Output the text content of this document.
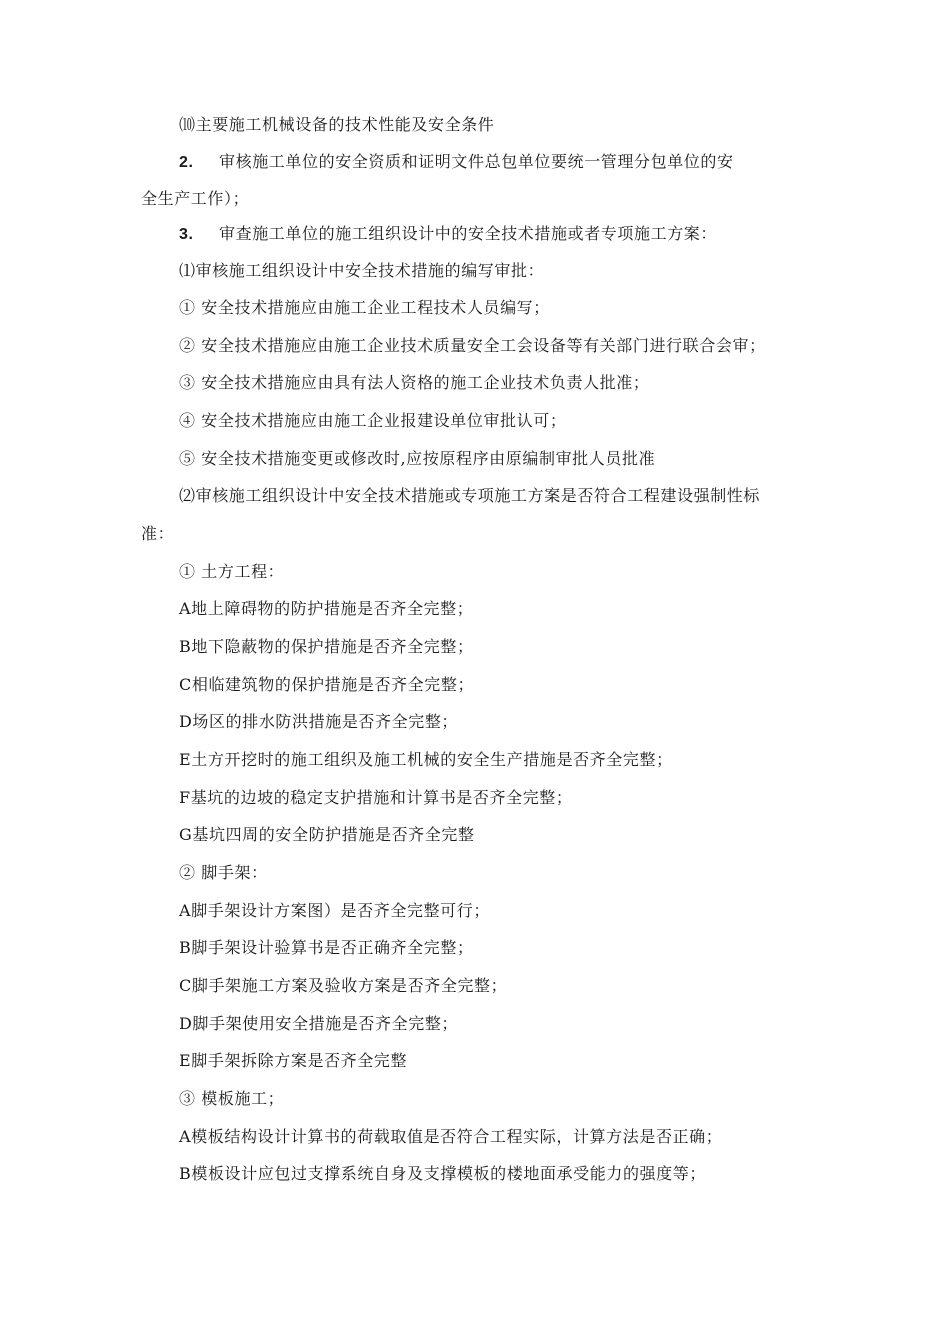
⑽主要施工机械设备的技术性能及安全条件
2. 审核施工单位的安全资质和证明文件总包单位要统一管理分包单位的安
全生产工作）；
3. 审查施工单位的施工组织设计中的安全技术措施或者专项施工方案：
⑴审核施工组织设计中安全技术措施的编写审批：
① 安全技术措施应由施工企业工程技术人员编写；
② 安全技术措施应由施工企业技术质量安全工会设备等有关部门进行联合会审；
③ 安全技术措施应由具有法人资格的施工企业技术负责人批准；
④ 安全技术措施应由施工企业报建设单位审批认可；
⑤ 安全技术措施变更或修改时,应按原程序由原编制审批人员批准
⑵审核施工组织设计中安全技术措施或专项施工方案是否符合工程建设强制性标
准：
① 土方工程：
A地上障碍物的防护措施是否齐全完整；
B地下隐蔽物的保护措施是否齐全完整；
C相临建筑物的保护措施是否齐全完整；
D场区的排水防洪措施是否齐全完整；
E土方开挖时的施工组织及施工机械的安全生产措施是否齐全完整；
F基坑的边坡的稳定支护措施和计算书是否齐全完整；
G基坑四周的安全防护措施是否齐全完整
② 脚手架：
A脚手架设计方案图）是否齐全完整可行；
B脚手架设计验算书是否正确齐全完整；
C脚手架施工方案及验收方案是否齐全完整；
D脚手架使用安全措施是否齐全完整；
E脚手架拆除方案是否齐全完整
③ 模板施工；
A模板结构设计计算书的荷载取值是否符合工程实际，计算方法是否正确；
B模板设计应包过支撑系统自身及支撑模板的楼地面承受能力的强度等；
